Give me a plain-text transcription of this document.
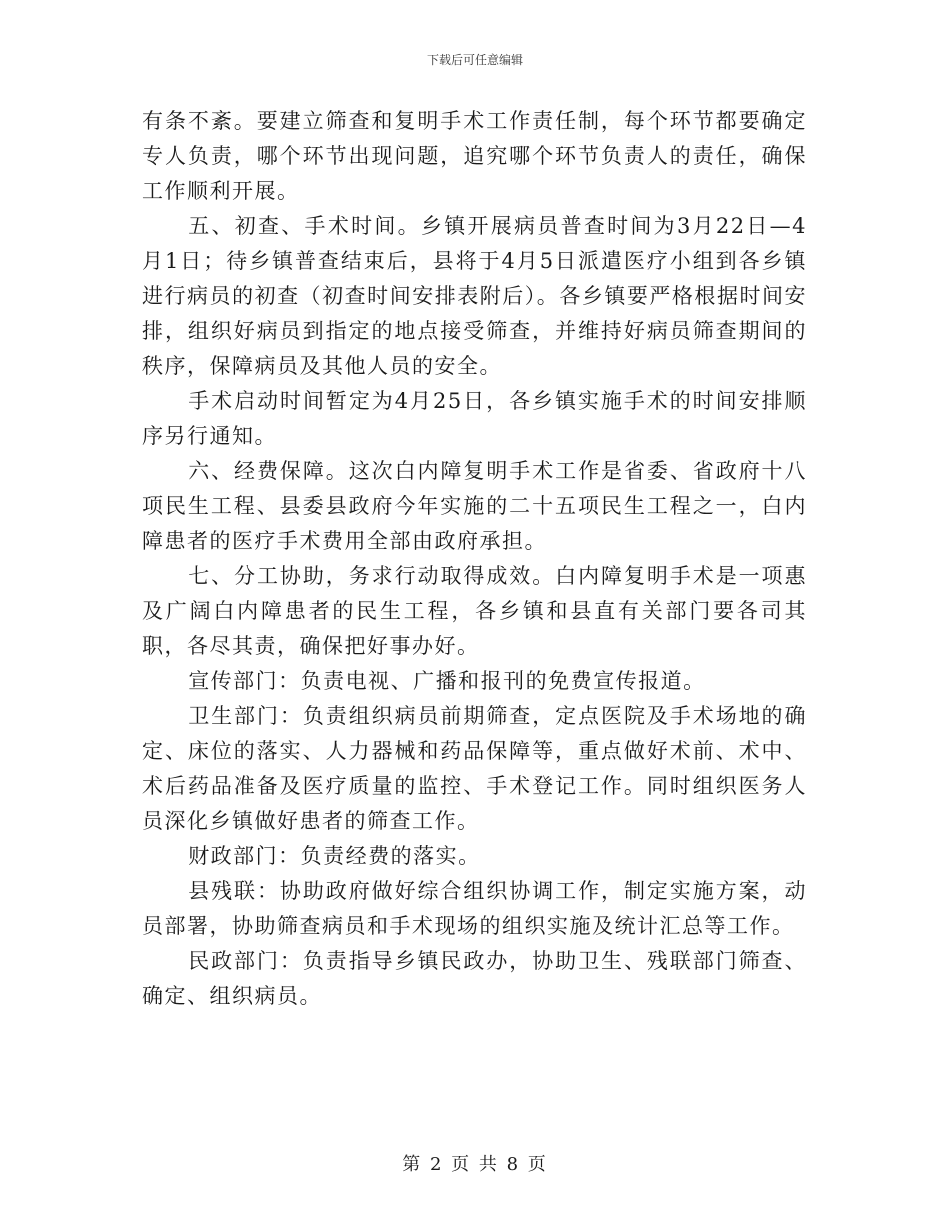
下载后可任意编辑

有条不紊。要建立筛查和复明手术工作责任制，每个环节都要确定专人负责，哪个环节出现问题，追究哪个环节负责人的责任，确保工作顺利开展。

五、初查、手术时间。乡镇开展病员普查时间为3月22日—4月1日；待乡镇普查结束后，县将于4月5日派遣医疗小组到各乡镇进行病员的初查（初查时间安排表附后）。各乡镇要严格根据时间安排，组织好病员到指定的地点接受筛查，并维持好病员筛查期间的秩序，保障病员及其他人员的安全。

手术启动时间暂定为4月25日，各乡镇实施手术的时间安排顺序另行通知。

六、经费保障。这次白内障复明手术工作是省委、省政府十八项民生工程、县委县政府今年实施的二十五项民生工程之一，白内障患者的医疗手术费用全部由政府承担。

七、分工协助，务求行动取得成效。白内障复明手术是一项惠及广阔白内障患者的民生工程，各乡镇和县直有关部门要各司其职，各尽其责，确保把好事办好。

宣传部门：负责电视、广播和报刊的免费宣传报道。

卫生部门：负责组织病员前期筛查，定点医院及手术场地的确定、床位的落实、人力器械和药品保障等，重点做好术前、术中、术后药品准备及医疗质量的监控、手术登记工作。同时组织医务人员深化乡镇做好患者的筛查工作。

财政部门：负责经费的落实。

县残联：协助政府做好综合组织协调工作，制定实施方案，动员部署，协助筛查病员和手术现场的组织实施及统计汇总等工作。

民政部门：负责指导乡镇民政办，协助卫生、残联部门筛查、确定、组织病员。

第 2 页 共 8 页
